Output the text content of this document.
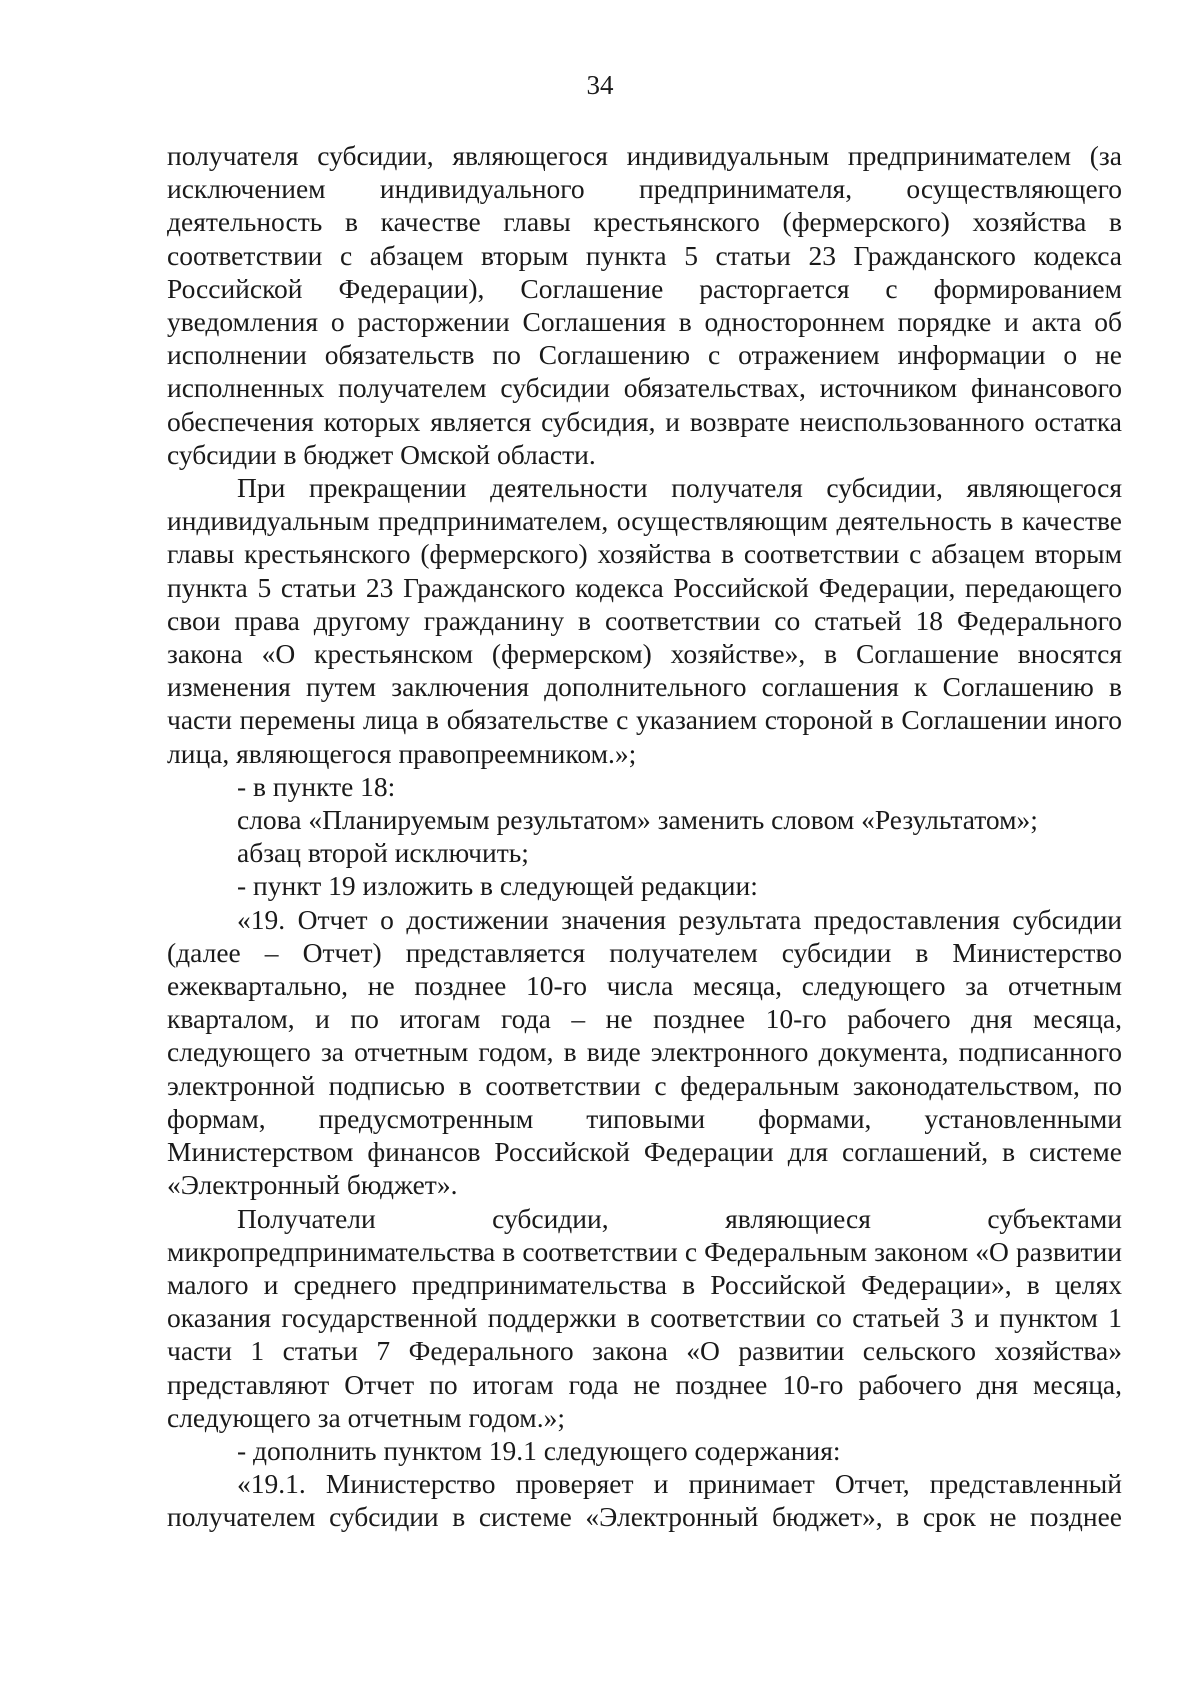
34

получателя субсидии, являющегося индивидуальным предпринимателем (за исключением индивидуального предпринимателя, осуществляющего деятельность в качестве главы крестьянского (фермерского) хозяйства в соответствии с абзацем вторым пункта 5 статьи 23 Гражданского кодекса Российской Федерации), Соглашение расторгается с формированием уведомления о расторжении Соглашения в одностороннем порядке и акта об исполнении обязательств по Соглашению с отражением информации о не исполненных получателем субсидии обязательствах, источником финансового обеспечения которых является субсидия, и возврате неиспользованного остатка субсидии в бюджет Омской области.

При прекращении деятельности получателя субсидии, являющегося индивидуальным предпринимателем, осуществляющим деятельность в качестве главы крестьянского (фермерского) хозяйства в соответствии с абзацем вторым пункта 5 статьи 23 Гражданского кодекса Российской Федерации, передающего свои права другому гражданину в соответствии со статьей 18 Федерального закона «О крестьянском (фермерском) хозяйстве», в Соглашение вносятся изменения путем заключения дополнительного соглашения к Соглашению в части перемены лица в обязательстве с указанием стороной в Соглашении иного лица, являющегося правопреемником.»;

- в пункте 18:

слова «Планируемым результатом» заменить словом «Результатом»;

абзац второй исключить;

- пункт 19 изложить в следующей редакции:

«19. Отчет о достижении значения результата предоставления субсидии (далее – Отчет) представляется получателем субсидии в Министерство ежеквартально, не позднее 10-го числа месяца, следующего за отчетным кварталом, и по итогам года – не позднее 10-го рабочего дня месяца, следующего за отчетным годом, в виде электронного документа, подписанного электронной подписью в соответствии с федеральным законодательством, по формам, предусмотренным типовыми формами, установленными Министерством финансов Российской Федерации для соглашений, в системе «Электронный бюджет».

Получатели субсидии, являющиеся субъектами микропредпринимательства в соответствии с Федеральным законом «О развитии малого и среднего предпринимательства в Российской Федерации», в целях оказания государственной поддержки в соответствии со статьей 3 и пунктом 1 части 1 статьи 7 Федерального закона «О развитии сельского хозяйства» представляют Отчет по итогам года не позднее 10-го рабочего дня месяца, следующего за отчетным годом.»;

- дополнить пунктом 19.1 следующего содержания:

«19.1. Министерство проверяет и принимает Отчет, представленный получателем субсидии в системе «Электронный бюджет», в срок не позднее
